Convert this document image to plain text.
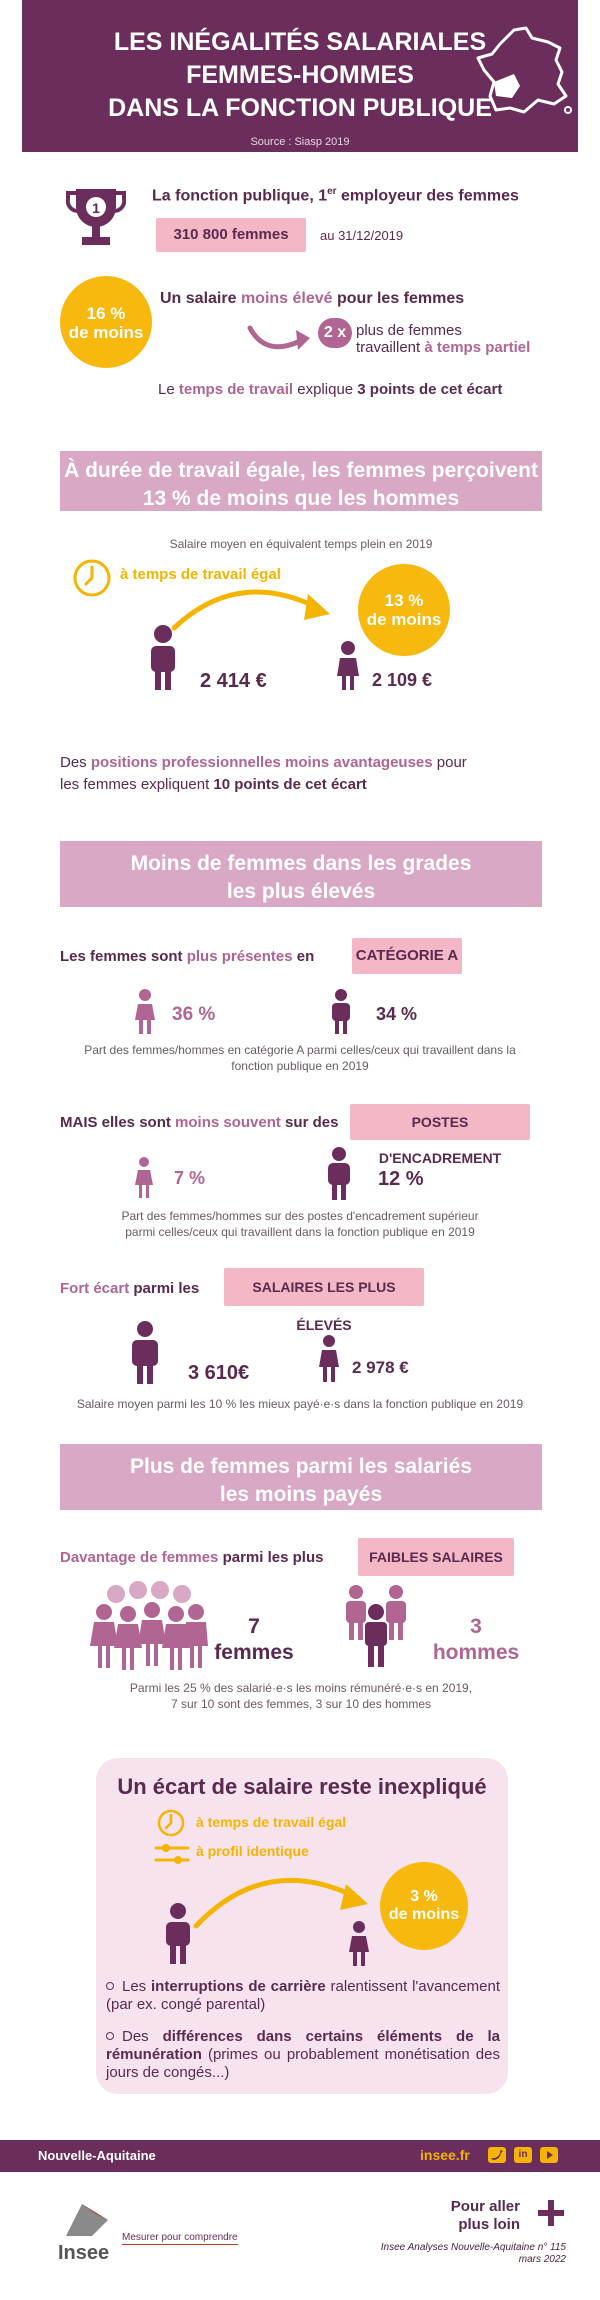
LES INÉGALITÉS SALARIALES
FEMMES-HOMMES
DANS LA FONCTION PUBLIQUE
Source : Siasp 2019
1
La fonction publique, 1er employeur des femmes
310 800 femmes	au 31/12/2019
16 %
de moins
Un salaire moins élevé pour les femmes
2 x plus de femmes
travaillent à temps partiel
Le temps de travail explique 3 points de cet écart
À durée de travail égale, les femmes perçoivent
13 % de moins que les hommes
Salaire moyen en équivalent temps plein en 2019
à temps de travail égal
13 %
de moins
2 414 €	2 109 €
Des positions professionnelles moins avantageuses pour
les femmes expliquent 10 points de cet écart
Moins de femmes dans les grades
les plus élevés
Les femmes sont plus présentes en	CATÉGORIE A
36 %	34 %
Part des femmes/hommes en catégorie A parmi celles/ceux qui travaillent dans la
fonction publique en 2019
MAIS elles sont moins souvent sur des	POSTES D'ENCADREMENT
7 %	12 %
Part des femmes/hommes sur des postes d'encadrement supérieur
parmi celles/ceux qui travaillent dans la fonction publique en 2019
Fort écart parmi les	SALAIRES LES PLUS ÉLEVÉS
3 610€	2 978 €
Salaire moyen parmi les 10 % les mieux payé·e·s dans la fonction publique en 2019
Plus de femmes parmi les salariés
les moins payés
Davantage de femmes parmi les plus	FAIBLES SALAIRES
7
femmes
3
hommes
Parmi les 25 % des salarié·e·s les moins rémunéré·e·s en 2019,
7 sur 10 sont des femmes, 3 sur 10 des hommes
Un écart de salaire reste inexpliqué
à temps de travail égal
à profil identique
3 %
de moins
Les interruptions de carrière ralentissent l'avancement (par ex. congé parental)
Des différences dans certains éléments de la rémunération (primes ou probablement monétisation des jours de congés...)
Nouvelle-Aquitaine	insee.fr	in
Insee
Mesurer pour comprendre
Pour aller
plus loin
Insee Analyses Nouvelle-Aquitaine n° 115
mars 2022
